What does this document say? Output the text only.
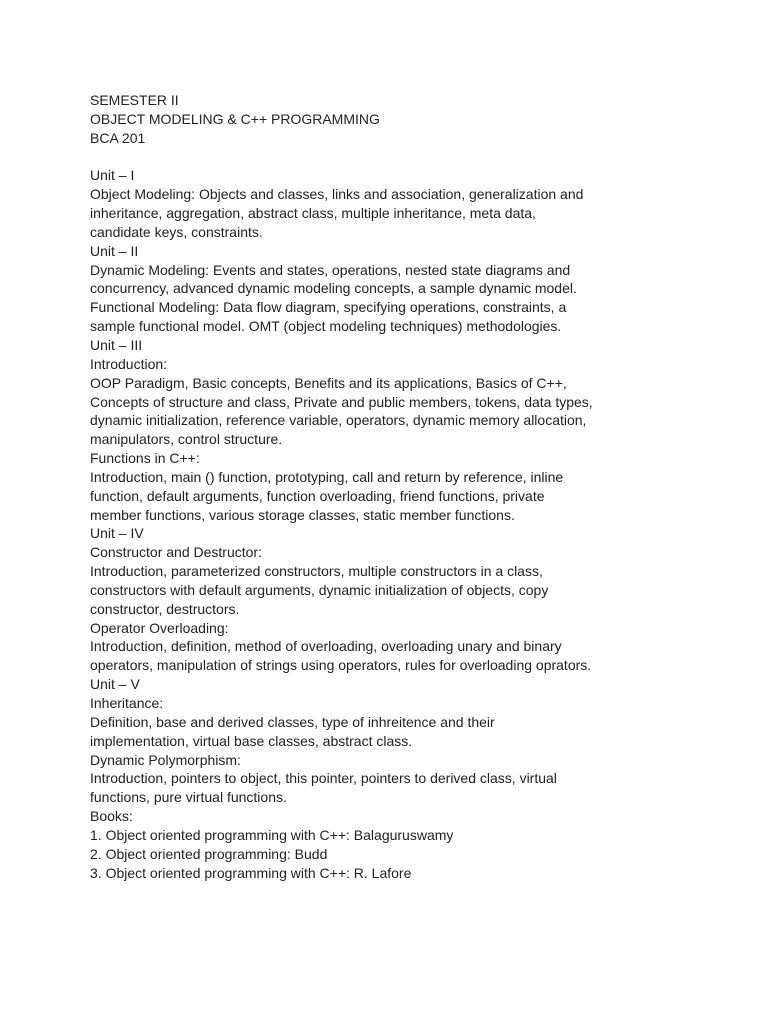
SEMESTER II
OBJECT MODELING & C++ PROGRAMMING
BCA 201
Unit – I
Object Modeling: Objects and classes, links and association, generalization and
inheritance, aggregation, abstract class, multiple inheritance, meta data,
candidate keys, constraints.
Unit – II
Dynamic Modeling: Events and states, operations, nested state diagrams and
concurrency, advanced dynamic modeling concepts, a sample dynamic model.
Functional Modeling: Data flow diagram, specifying operations, constraints, a
sample functional model. OMT (object modeling techniques) methodologies.
Unit – III
Introduction:
OOP Paradigm, Basic concepts, Benefits and its applications, Basics of C++,
Concepts of structure and class, Private and public members, tokens, data types,
dynamic initialization, reference variable, operators, dynamic memory allocation,
manipulators, control structure.
Functions in C++:
Introduction, main () function, prototyping, call and return by reference, inline
function, default arguments, function overloading, friend functions, private
member functions, various storage classes, static member functions.
Unit – IV
Constructor and Destructor:
Introduction, parameterized constructors, multiple constructors in a class,
constructors with default arguments, dynamic initialization of objects, copy
constructor, destructors.
Operator Overloading:
Introduction, definition, method of overloading, overloading unary and binary
operators, manipulation of strings using operators, rules for overloading oprators.
Unit – V
Inheritance:
Definition, base and derived classes, type of inhreitence and their
implementation, virtual base classes, abstract class.
Dynamic Polymorphism:
Introduction, pointers to object, this pointer, pointers to derived class, virtual
functions, pure virtual functions.
Books:
1. Object oriented programming with C++: Balaguruswamy
2. Object oriented programming: Budd
3. Object oriented programming with C++: R. Lafore
